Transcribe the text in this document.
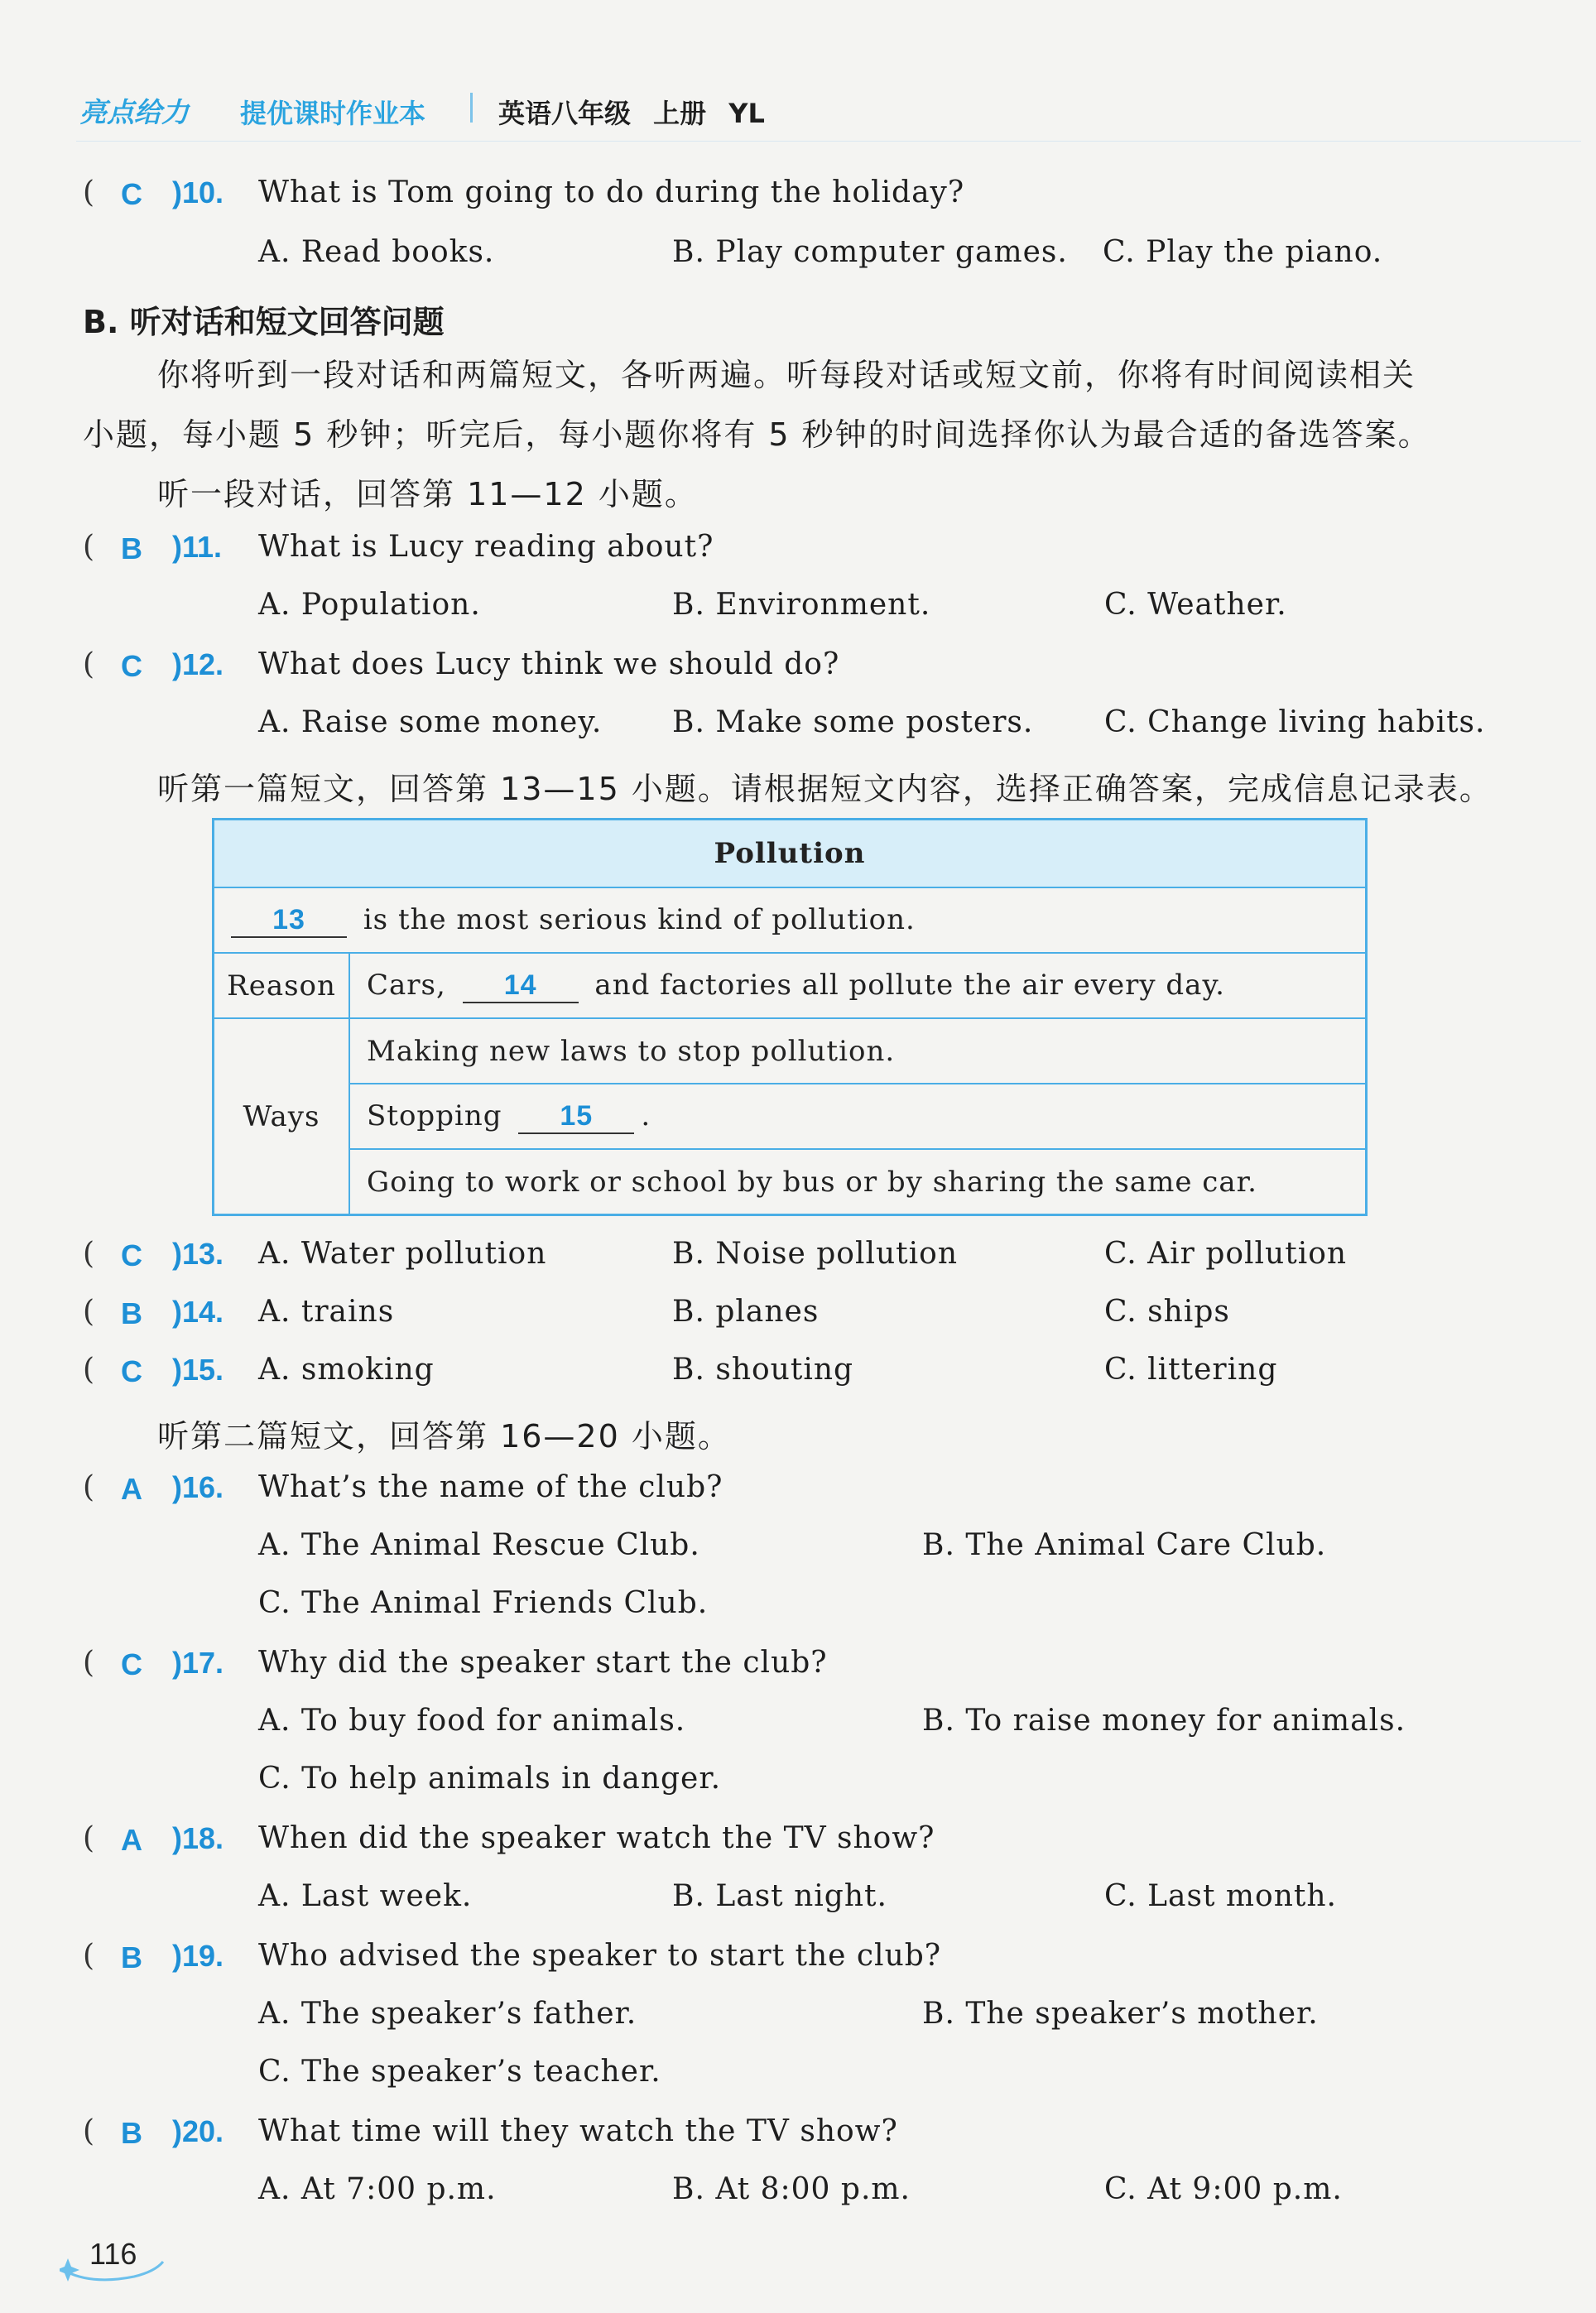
亮点给力 提优课时作业本	英语八年级 上册 YL
( C )10. What is Tom going to do during the holiday?
A. Read books.	B. Play computer games. C. Play the piano.
B. 听对话和短文回答问题
你将听到一段对话和两篇短文，各听两遍。听每段对话或短文前，你将有时间阅读相关
小题，每小题 5 秒钟；听完后，每小题你将有 5 秒钟的时间选择你认为最合适的备选答案。
听一段对话，回答第 11—12 小题。
( B )11. What is Lucy reading about?
A. Population.	B. Environment.	C. Weather.
( C )12. What does Lucy think we should do?
A. Raise some money. B. Make some posters. C. Change living habits.
听第一篇短文，回答第 13—15 小题。请根据短文内容，选择正确答案，完成信息记录表。
Pollution	
13 is the most serious kind of pollution.	
Reason	Cars, 14 and factories all pollute the air every day.
Ways	Making new laws to stop pollution.
	Stopping 15 .
	Going to work or school by bus or by sharing the same car.
( C )13. A. Water pollution	B. Noise pollution	C. Air pollution
( B )14. A. trains	B. planes	C. ships
( C )15. A. smoking	B. shouting	C. littering
听第二篇短文，回答第 16—20 小题。
( A )16. What’s the name of the club?
A. The Animal Rescue Club.	B. The Animal Care Club.
C. The Animal Friends Club.
( C )17. Why did the speaker start the club?
A. To buy food for animals.	B. To raise money for animals.
C. To help animals in danger.
( A )18. When did the speaker watch the TV show?
A. Last week.	B. Last night.	C. Last month.
( B )19. Who advised the speaker to start the club?
A. The speaker’s father.	B. The speaker’s mother.
C. The speaker’s teacher.
( B )20. What time will they watch the TV show?
A. At 7:00 p.m.	B. At 8:00 p.m.	C. At 9:00 p.m.
116
